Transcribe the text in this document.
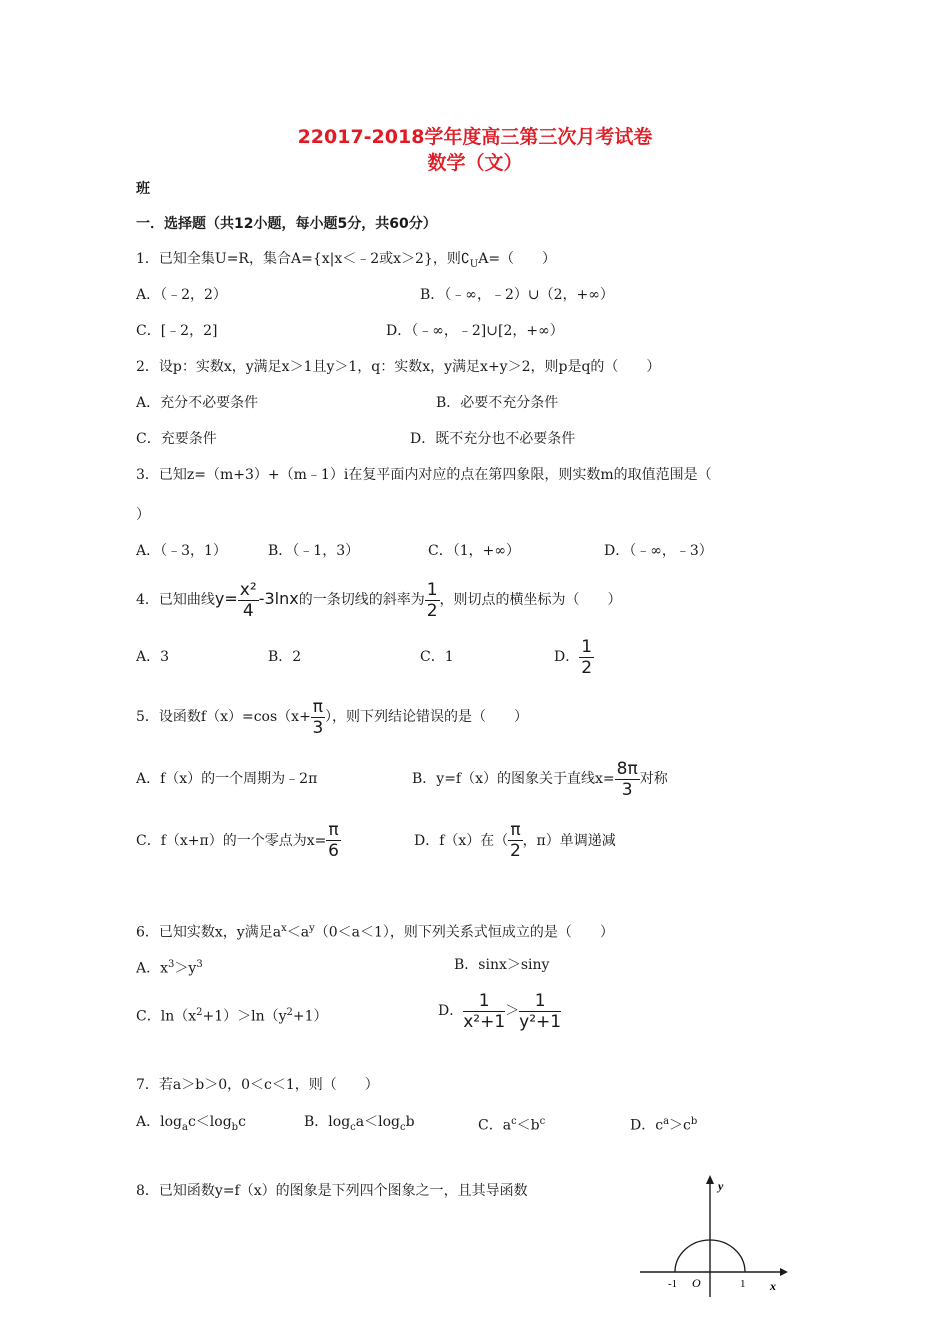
22017-2018学年度高三第三次月考试卷
数学（文）
班
一．选择题（共12小题，每小题5分，共60分）
1．已知全集U=R，集合A={x|x＜﹣2或x＞2}，则$∁_UA=$（　　）
A．（﹣2，2）	B．（﹣∞，﹣2）∪（2，+∞）
C．[﹣2，2]	D．（﹣∞，﹣2]∪[2，+∞）
2．设p：实数x，y满足x＞1且y＞1，q：实数x，y满足x+y＞2，则p是q的（　　）
A．充分不必要条件	B．必要不充分条件
C．充要条件	D．既不充分也不必要条件
3．已知z=（m+3）+（m﹣1）i在复平面内对应的点在第四象限，则实数m的取值范围是（
）
A．（﹣3，1）	B．（﹣1，3）	C．（1，+∞）	D．（﹣∞，﹣3）
4．已知曲线$y= \frac{\text{x²}}{4} -3\ln x$的一条切线的斜率为 $\frac{1}{2}$ ，则切点的横坐标为（　　）
A．3	B．2	C．1	D． $\frac{1}{2}$
5．设函数$f(x)=\cos(x+ \frac{\pi}{3}$ ），则下列结论错误的是（　　）
A．f（x）的一个周期为﹣2π	B．y=f（x）的图象关于直线$x= \frac{8\pi}{3}$ 对称
C．f（x+π）的一个零点为$x= \frac{\pi}{6}$	D．f（x）在（ $\frac{\pi}{2}$ ，π）单调递减
6．已知实数x，y满足$a^x<a^y(0<a<1)$，则下列关系式恒成立的是（　　）
A．$x^3>y^3$	B．sinx＞siny
C．$\ln(x^2+1)>\ln(y^2+1)$	D． $\frac{1}{\text{x²+1}} > \frac{1}{\text{y²+1}}$
7．若a＞b＞0，0＜c＜1，则（　　）
A．$\log_ac<\log_bc$	B．$\log_ca<\log_cb$	C．$a^c<b^c$	D．$c^a>c^b$
8．已知函数y=f（x）的图象是下列四个图象之一，且其导函数	y
x
O
-1	1
